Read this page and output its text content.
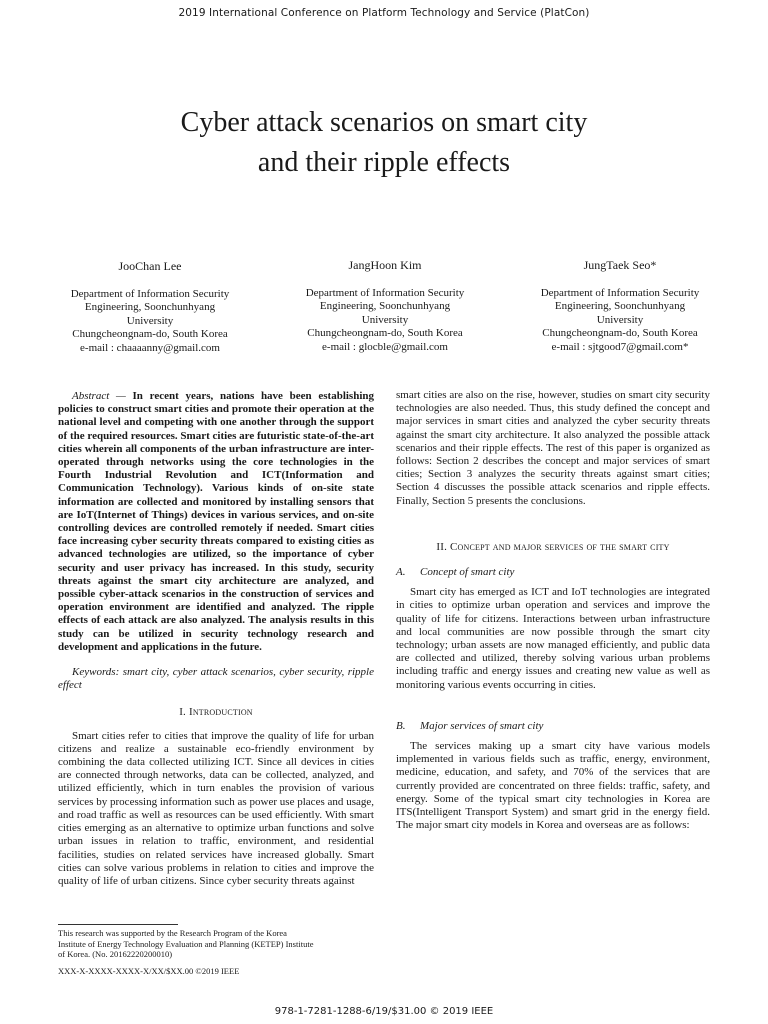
2019 International Conference on Platform Technology and Service (PlatCon)
Cyber attack scenarios on smart city
and their ripple effects
JooChan Lee
Department of Information Security
Engineering, Soonchunhyang
University
Chungcheongnam-do, South Korea
e-mail : chaaaanny@gmail.com
JangHoon Kim
Department of Information Security
Engineering, Soonchunhyang
University
Chungcheongnam-do, South Korea
e-mail : glocble@gmail.com
JungTaek Seo*
Department of Information Security
Engineering, Soonchunhyang
University
Chungcheongnam-do, South Korea
e-mail : sjtgood7@gmail.com*

Abstract — In recent years, nations have been establishing policies to construct smart cities and promote their operation at the national level and competing with one another through the support of the required resources. Smart cities are futuristic state-of-the-art cities wherein all components of the urban infrastructure are inter-operated through networks using the core technologies in the Fourth Industrial Revolution and ICT(Information and Communication Technology). Various kinds of on-site state information are collected and monitored by installing sensors that are IoT(Internet of Things) devices in various services, and on-site controlling devices are controlled remotely if needed. Smart cities face increasing cyber security threats compared to existing cities as advanced technologies are utilized, so the importance of cyber security and user privacy has increased. In this study, security threats against the smart city architecture are analyzed, and possible cyber-attack scenarios in the construction of services and operation environment are identified and analyzed. The ripple effects of each attack are also analyzed. The analysis results in this study can be utilized in security technology research and development and applications in the future.

Keywords: smart city, cyber attack scenarios, cyber security, ripple effect

I. Introduction

Smart cities refer to cities that improve the quality of life for urban citizens and realize a sustainable eco-friendly environment by combining the data collected utilizing ICT. Since all devices in cities are connected through networks, data can be collected, analyzed, and utilized efficiently, which in turn enables the provision of various services by processing information such as power use places and usage, and road traffic as well as resources can be used efficiently. With smart cities emerging as an alternative to optimize urban functions and solve urban issues in relation to traffic, environment, and residential facilities, studies on related services have increased globally. Smart cities can solve various problems in relation to cities and improve the quality of life of urban citizens. Since cyber security threats against

smart cities are also on the rise, however, studies on smart city security technologies are also needed. Thus, this study defined the concept and major services in smart cities and analyzed the cyber security threats against the smart city architecture. It also analyzed the possible attack scenarios and their ripple effects. The rest of this paper is organized as follows: Section 2 describes the concept and major services of smart cities; Section 3 analyzes the security threats against smart cities; Section 4 discusses the possible attack scenarios and ripple effects. Finally, Section 5 presents the conclusions.

II. Concept and major services of the smart city
A. Concept of smart city

Smart city has emerged as ICT and IoT technologies are integrated in cities to optimize urban operation and services and improve the quality of life for citizens. Interactions between urban infrastructure and local communities are now possible through the smart city technology; urban assets are now managed efficiently, and public data are collected and utilized, thereby solving various urban problems including traffic and energy issues and creating new value as well as monitoring various events occurring in cities.

B. Major services of smart city

The services making up a smart city have various models implemented in various fields such as traffic, energy, environment, medicine, education, and safety, and 70% of the services that are currently provided are concentrated on three fields: traffic, safety, and energy. Some of the typical smart city technologies in Korea are ITS(Intelligent Transport System) and smart grid in the energy field. The major smart city models in Korea and overseas are as follows:

This research was supported by the Research Program of the Korea
Institute of Energy Technology Evaluation and Planning (KETEP) Institute
of Korea. (No. 20162220200010)
XXX-X-XXXX-XXXX-X/XX/$XX.00 ©2019 IEEE
978-1-7281-1288-6/19/$31.00 © 2019 IEEE
